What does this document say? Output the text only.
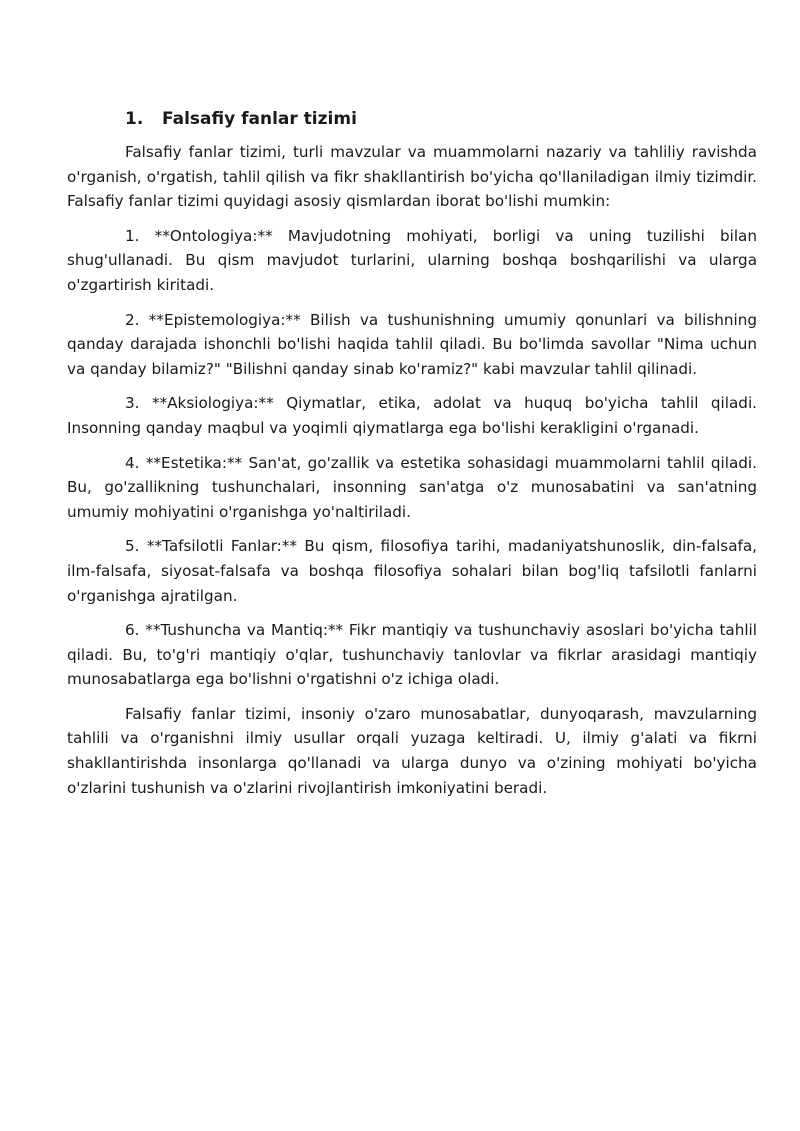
1. Falsafiy fanlar tizimi

Falsafiy fanlar tizimi, turli mavzular va muammolarni nazariy va tahliliy ravishda o'rganish, o'rgatish, tahlil qilish va fikr shakllantirish bo'yicha qo'llaniladigan ilmiy tizimdir. Falsafiy fanlar tizimi quyidagi asosiy qismlardan iborat bo'lishi mumkin:

1. **Ontologiya:** Mavjudotning mohiyati, borligi va uning tuzilishi bilan shug'ullanadi. Bu qism mavjudot turlarini, ularning boshqa boshqarilishi va ularga o'zgartirish kiritadi.

2. **Epistemologiya:** Bilish va tushunishning umumiy qonunlari va bilishning qanday darajada ishonchli bo'lishi haqida tahlil qiladi. Bu bo'limda savollar "Nima uchun va qanday bilamiz?" "Bilishni qanday sinab ko'ramiz?" kabi mavzular tahlil qilinadi.

3. **Aksiologiya:** Qiymatlar, etika, adolat va huquq bo'yicha tahlil qiladi. Insonning qanday maqbul va yoqimli qiymatlarga ega bo'lishi kerakligini o'rganadi.

4. **Estetika:** San'at, go'zallik va estetika sohasidagi muammolarni tahlil qiladi. Bu, go'zallikning tushunchalari, insonning san'atga o'z munosabatini va san'atning umumiy mohiyatini o'rganishga yo'naltiriladi.

5. **Tafsilotli Fanlar:** Bu qism, filosofiya tarihi, madaniyatshunoslik, din-falsafa, ilm-falsafa, siyosat-falsafa va boshqa filosofiya sohalari bilan bog'liq tafsilotli fanlarni o'rganishga ajratilgan.

6. **Tushuncha va Mantiq:** Fikr mantiqiy va tushunchaviy asoslari bo'yicha tahlil qiladi. Bu, to'g'ri mantiqiy o'qlar, tushunchaviy tanlovlar va fikrlar arasidagi mantiqiy munosabatlarga ega bo'lishni o'rgatishni o'z ichiga oladi.

Falsafiy fanlar tizimi, insoniy o'zaro munosabatlar, dunyoqarash, mavzularning tahlili va o'rganishni ilmiy usullar orqali yuzaga keltiradi. U, ilmiy g'alati va fikrni shakllantirishda insonlarga qo'llanadi va ularga dunyo va o'zining mohiyati bo'yicha o'zlarini tushunish va o'zlarini rivojlantirish imkoniyatini beradi.
